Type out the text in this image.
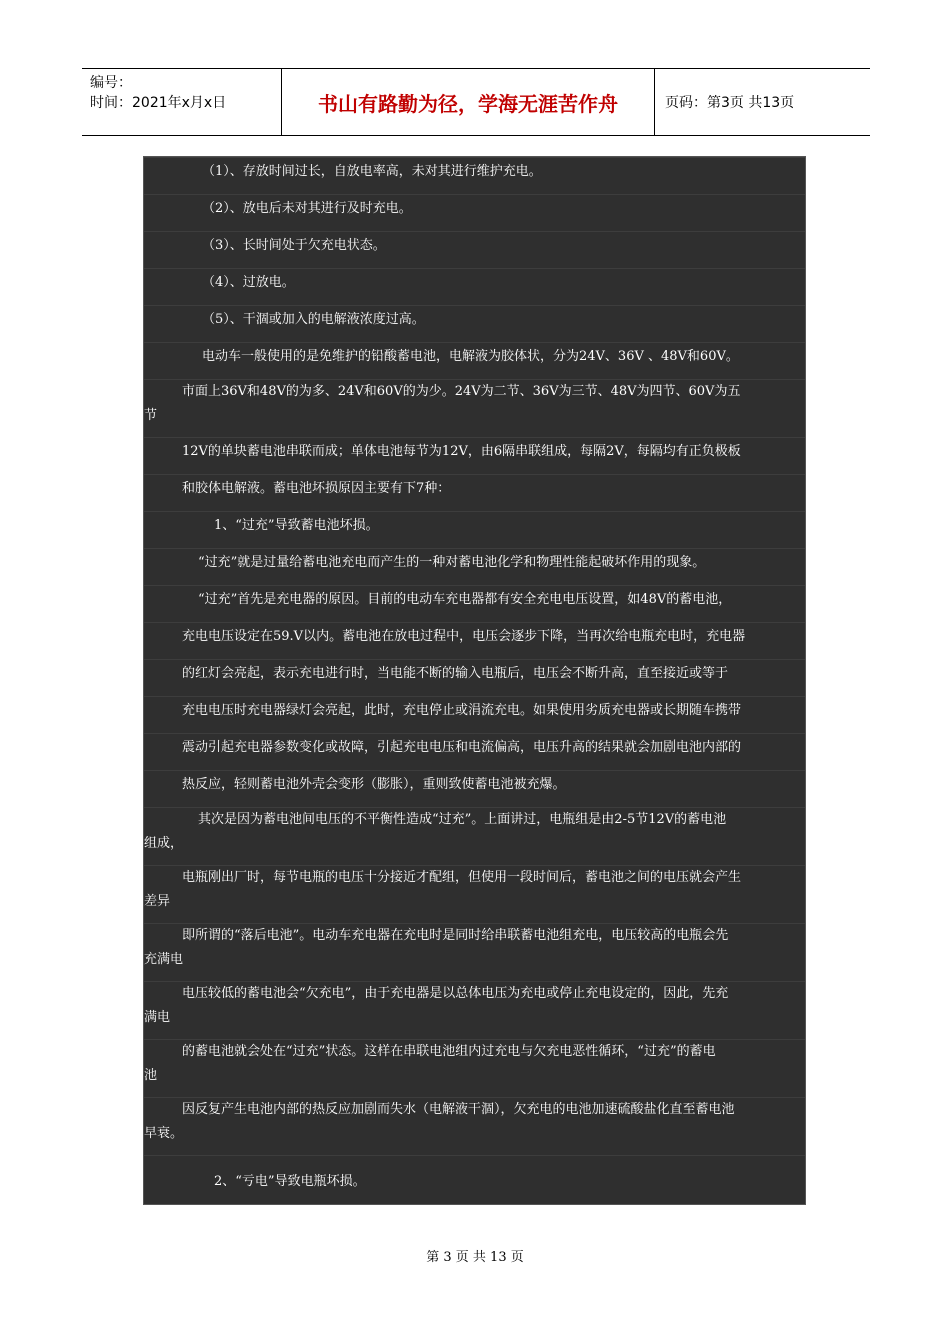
编号：
时间：2021年x月x日	书山有路勤为径，学海无涯苦作舟	页码：第3页 共13页
（1）、存放时间过长，自放电率高，未对其进行维护充电。
（2）、放电后未对其进行及时充电。
（3）、长时间处于欠充电状态。
（4）、过放电。
（5）、干涸或加入的电解液浓度过高。
电动车一般使用的是免维护的铅酸蓄电池，电解液为胶体状，分为24V、36V 、48V和60V。
市面上36V和48V的为多、24V和60V的为少。24V为二节、36V为三节、48V为四节、60V为五
节
12V的单块蓄电池串联而成；单体电池每节为12V，由6隔串联组成，每隔2V，每隔均有正负极板
和胶体电解液。蓄电池坏损原因主要有下7种：
1、“过充”导致蓄电池坏损。
“过充”就是过量给蓄电池充电而产生的一种对蓄电池化学和物理性能起破坏作用的现象。
“过充”首先是充电器的原因。目前的电动车充电器都有安全充电电压设置，如48V的蓄电池，
充电电压设定在59.V以内。蓄电池在放电过程中，电压会逐步下降，当再次给电瓶充电时，充电器
的红灯会亮起，表示充电进行时，当电能不断的输入电瓶后，电压会不断升高，直至接近或等于
充电电压时充电器绿灯会亮起，此时，充电停止或涓流充电。如果使用劣质充电器或长期随车携带
震动引起充电器参数变化或故障，引起充电电压和电流偏高，电压升高的结果就会加剧电池内部的
热反应，轻则蓄电池外壳会变形（膨胀），重则致使蓄电池被充爆。
其次是因为蓄电池间电压的不平衡性造成“过充”。上面讲过，电瓶组是由2-5节12V的蓄电池
组成，
电瓶刚出厂时，每节电瓶的电压十分接近才配组，但使用一段时间后，蓄电池之间的电压就会产生
差异
即所谓的“落后电池”。电动车充电器在充电时是同时给串联蓄电池组充电，电压较高的电瓶会先
充满电
电压较低的蓄电池会“欠充电”，由于充电器是以总体电压为充电或停止充电设定的，因此，先充
满电
的蓄电池就会处在“过充”状态。这样在串联电池组内过充电与欠充电恶性循环，“过充”的蓄电
池
因反复产生电池内部的热反应加剧而失水（电解液干涸），欠充电的电池加速硫酸盐化直至蓄电池
早衰。
2、“亏电”导致电瓶坏损。
第 3 页 共 13 页
